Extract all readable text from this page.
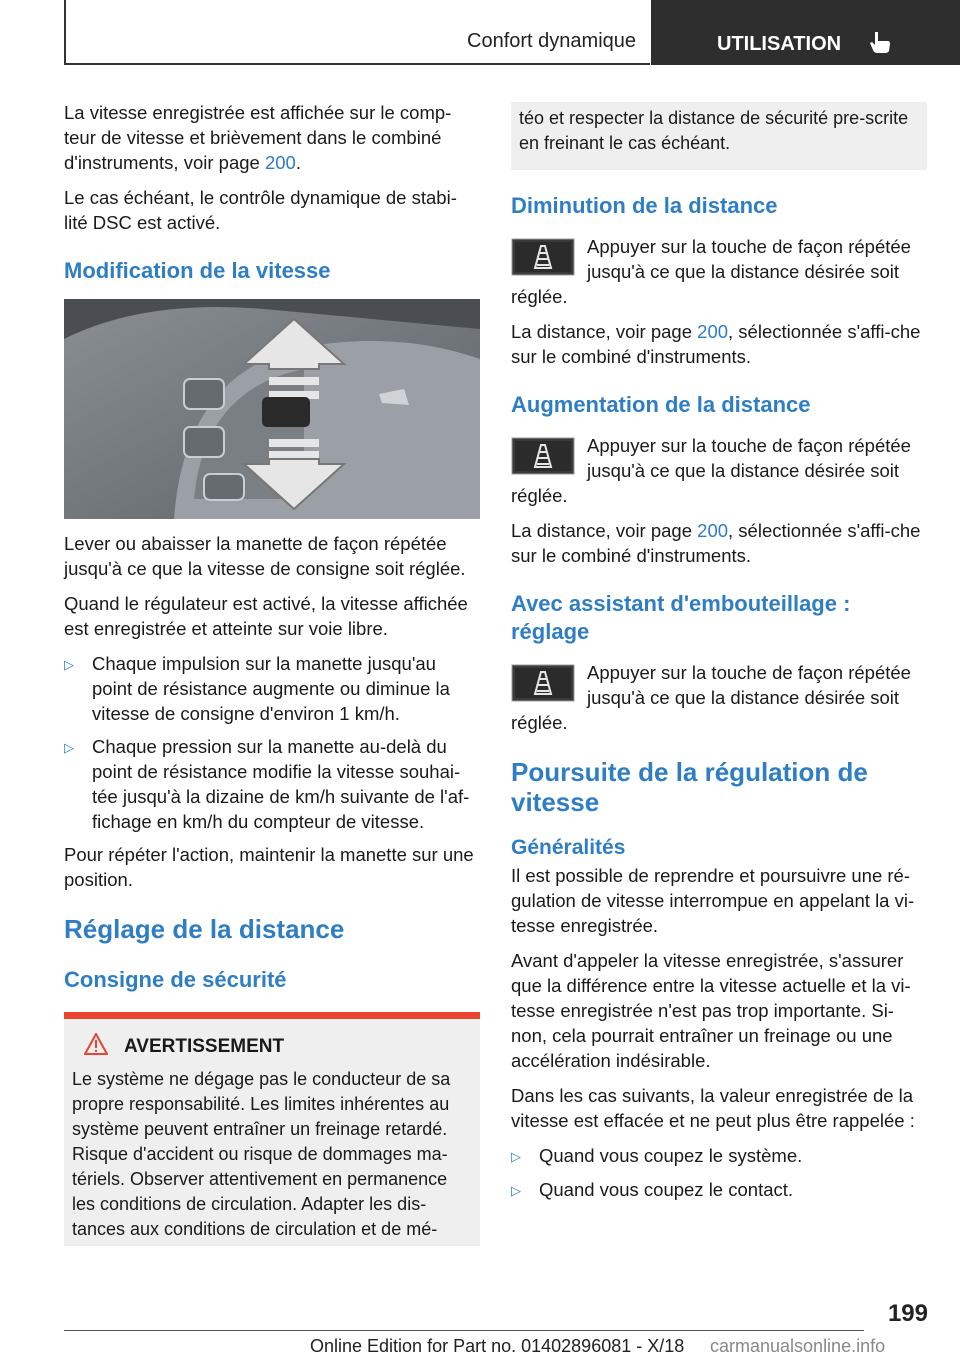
Confort dynamique	UTILISATION

La vitesse enregistrée est affichée sur le comp-teur de vitesse et brièvement dans le combiné d'instruments, voir page 200.

Le cas échéant, le contrôle dynamique de stabi-lité DSC est activé.

Modification de la vitesse

Lever ou abaisser la manette de façon répétée jusqu'à ce que la vitesse de consigne soit réglée.

Quand le régulateur est activé, la vitesse affichée est enregistrée et atteinte sur voie libre.

▷ Chaque impulsion sur la manette jusqu'au point de résistance augmente ou diminue la vitesse de consigne d'environ 1 km/h.
▷ Chaque pression sur la manette au-delà du point de résistance modifie la vitesse souhai-tée jusqu'à la dizaine de km/h suivante de l'af-fichage en km/h du compteur de vitesse.

Pour répéter l'action, maintenir la manette sur une position.

Réglage de la distance
Consigne de sécurité
AVERTISSEMENT

Le système ne dégage pas le conducteur de sa propre responsabilité. Les limites inhérentes au système peuvent entraîner un freinage retardé. Risque d'accident ou risque de dommages ma-tériels. Observer attentivement en permanence les conditions de circulation. Adapter les dis-tances aux conditions de circulation et de mé-

téo et respecter la distance de sécurité pre-scrite en freinant le cas échéant.

Diminution de la distance

Appuyer sur la touche de façon répétée jusqu'à ce que la distance désirée soit réglée.

La distance, voir page 200, sélectionnée s'affi-che sur le combiné d'instruments.

Augmentation de la distance

Appuyer sur la touche de façon répétée jusqu'à ce que la distance désirée soit réglée.

La distance, voir page 200, sélectionnée s'affi-che sur le combiné d'instruments.

Avec assistant d'embouteillage : réglage

Appuyer sur la touche de façon répétée jusqu'à ce que la distance désirée soit réglée.

Poursuite de la régulation de vitesse
Généralités

Il est possible de reprendre et poursuivre une ré-gulation de vitesse interrompue en appelant la vi-tesse enregistrée.

Avant d'appeler la vitesse enregistrée, s'assurer que la différence entre la vitesse actuelle et la vi-tesse enregistrée n'est pas trop importante. Si-non, cela pourrait entraîner un freinage ou une accélération indésirable.

Dans les cas suivants, la valeur enregistrée de la vitesse est effacée et ne peut plus être rappelée :

▷ Quand vous coupez le système.
▷ Quand vous coupez le contact.
199
Online Edition for Part no. 01402896081 - X/18 carmanualsonline.info
